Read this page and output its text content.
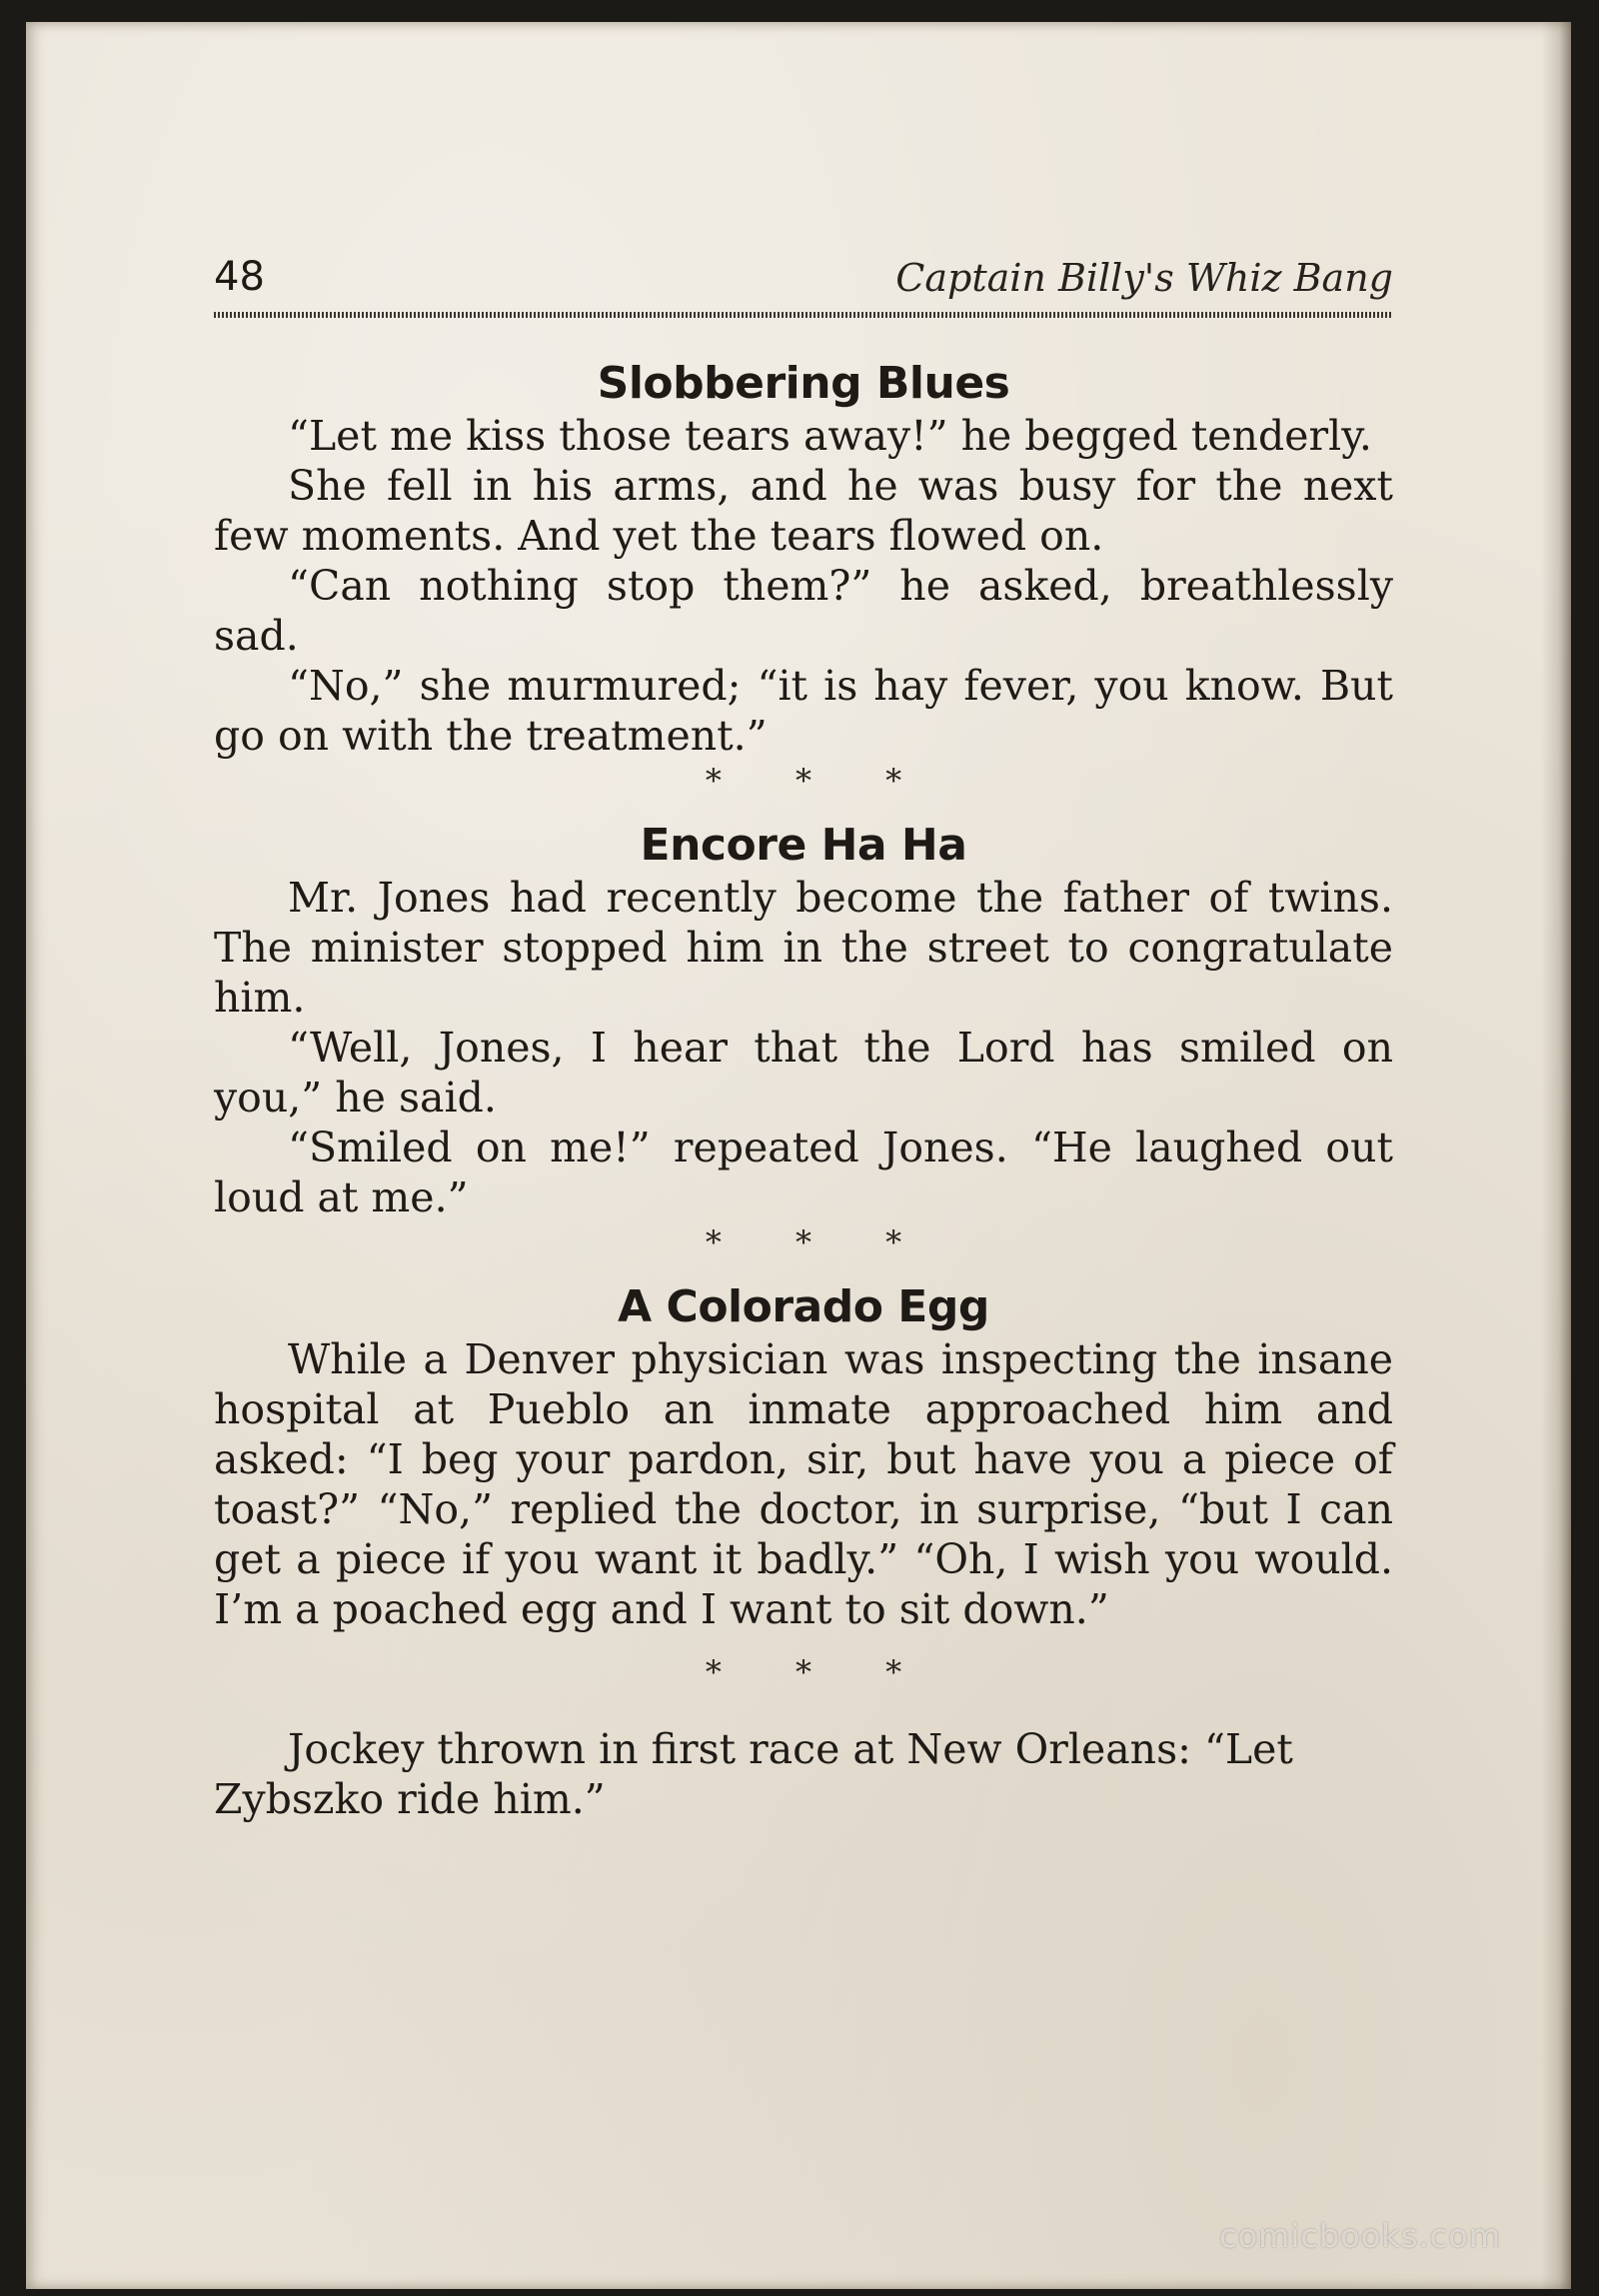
48	Captain Billy's Whiz Bang
Slobbering Blues

“Let me kiss those tears away!” he begged tenderly.

She fell in his arms, and he was busy for the next few moments. And yet the tears flowed on.

“Can nothing stop them?” he asked, breathlessly sad.

“No,” she murmured; “it is hay fever, you know. But go on with the treatment.”

* * *

Encore Ha Ha

Mr. Jones had recently become the father of twins. The minister stopped him in the street to congratulate him.

“Well, Jones, I hear that the Lord has smiled on you,” he said.

“Smiled on me!” repeated Jones. “He laughed out loud at me.”

* * *

A Colorado Egg

While a Denver physician was inspecting the insane hospital at Pueblo an inmate approached him and asked: “I beg your pardon, sir, but have you a piece of toast?” “No,” replied the doctor, in surprise, “but I can get a piece if you want it badly.” “Oh, I wish you would. I’m a poached egg and I want to sit down.”

* * *

Jockey thrown in first race at New Orleans: “Let Zybszko ride him.”

comicbooks.com
